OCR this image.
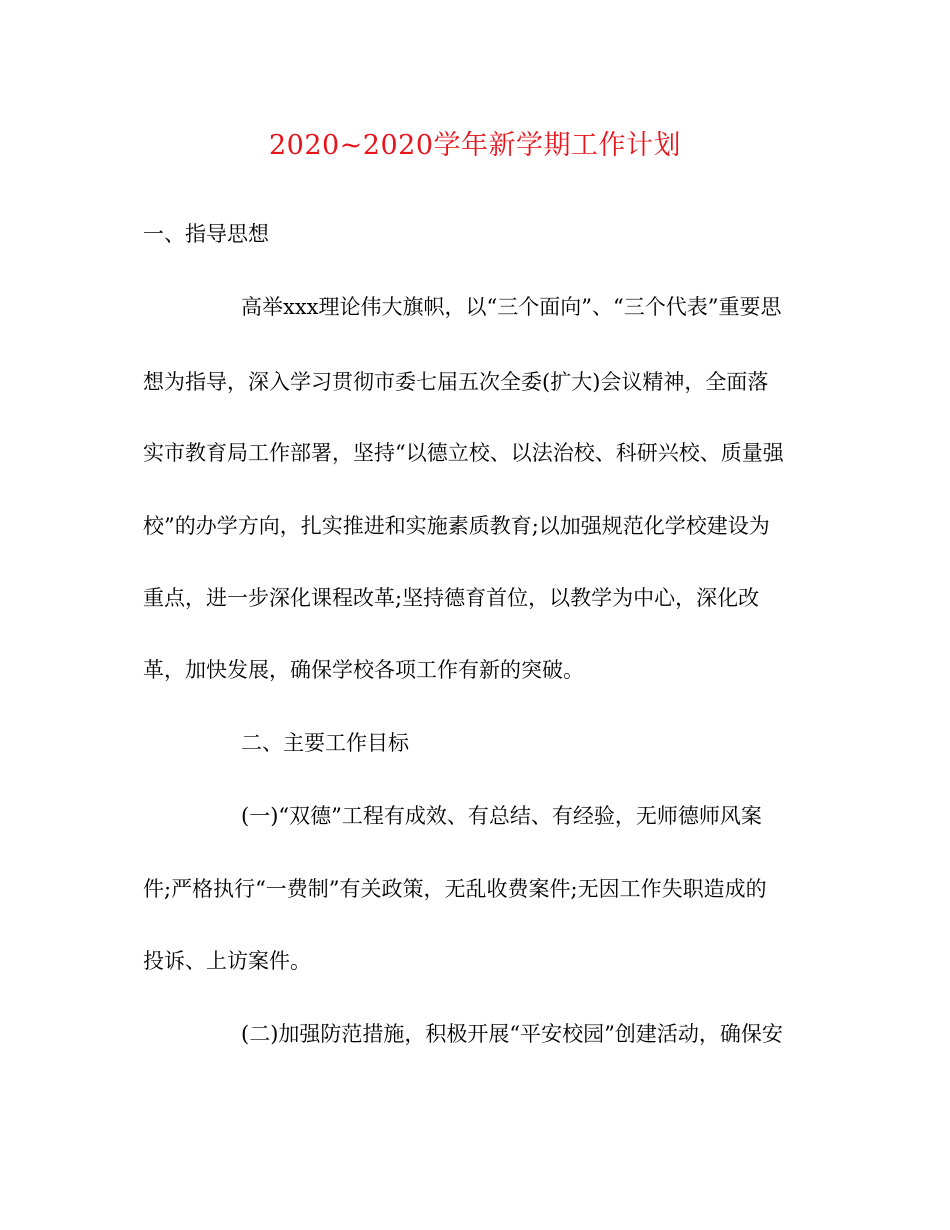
2020~2020学年新学期工作计划
一、指导思想
高举xxx理论伟大旗帜，以“三个面向”、“三个代表”重要思
想为指导，深入学习贯彻市委七届五次全委(扩大)会议精神，全面落
实市教育局工作部署，坚持“以德立校、以法治校、科研兴校、质量强
校”的办学方向，扎实推进和实施素质教育;以加强规范化学校建设为
重点，进一步深化课程改革;坚持德育首位，以教学为中心，深化改
革，加快发展，确保学校各项工作有新的突破。
二、主要工作目标
(一)“双德”工程有成效、有总结、有经验，无师德师风案
件;严格执行“一费制”有关政策，无乱收费案件;无因工作失职造成的
投诉、上访案件。
(二)加强防范措施，积极开展“平安校园”创建活动，确保安
